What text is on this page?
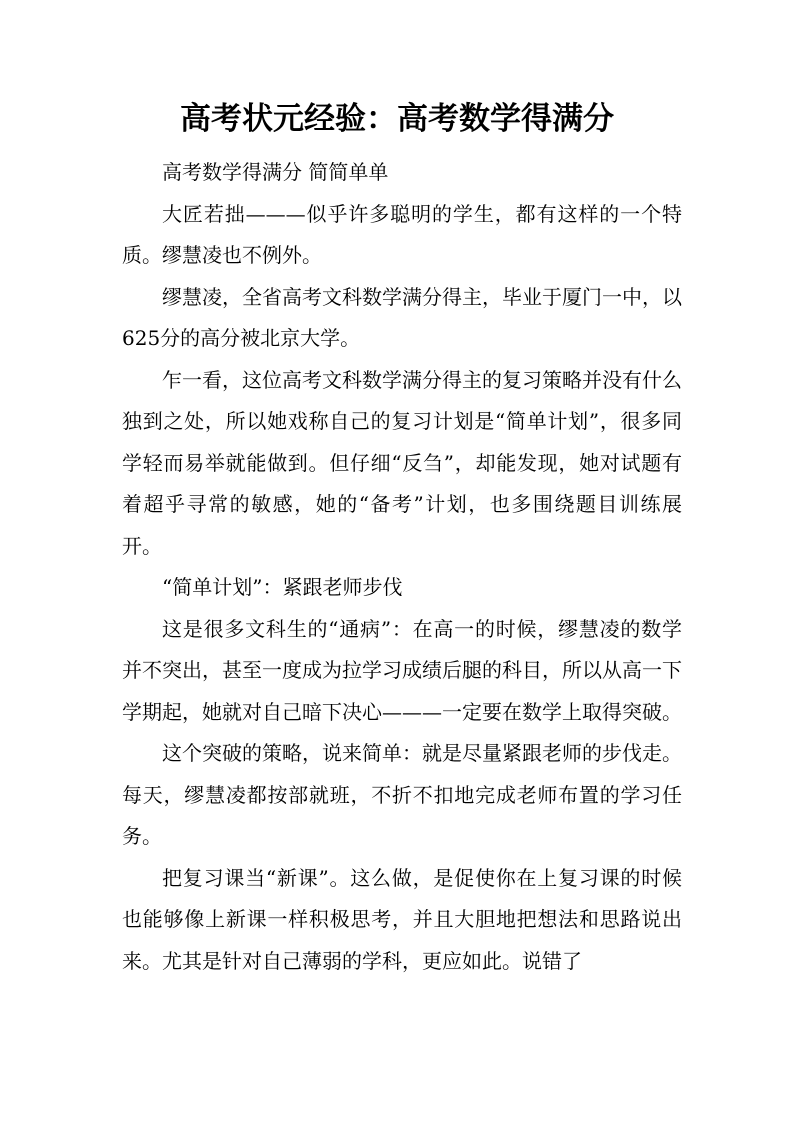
高考状元经验：高考数学得满分

高考数学得满分 简简单单

大匠若拙———似乎许多聪明的学生，都有这样的一个特质。缪慧凌也不例外。

缪慧凌，全省高考文科数学满分得主，毕业于厦门一中，以625分的高分被北京大学。

乍一看，这位高考文科数学满分得主的复习策略并没有什么独到之处，所以她戏称自己的复习计划是“简单计划”，很多同学轻而易举就能做到。但仔细“反刍”，却能发现，她对试题有着超乎寻常的敏感，她的“备考”计划，也多围绕题目训练展开。

“简单计划”：紧跟老师步伐

这是很多文科生的“通病”：在高一的时候，缪慧凌的数学并不突出，甚至一度成为拉学习成绩后腿的科目，所以从高一下学期起，她就对自己暗下决心———一定要在数学上取得突破。

这个突破的策略，说来简单：就是尽量紧跟老师的步伐走。每天，缪慧凌都按部就班，不折不扣地完成老师布置的学习任务。

把复习课当“新课”。这么做，是促使你在上复习课的时候也能够像上新课一样积极思考，并且大胆地把想法和思路说出来。尤其是针对自己薄弱的学科，更应如此。说错了
